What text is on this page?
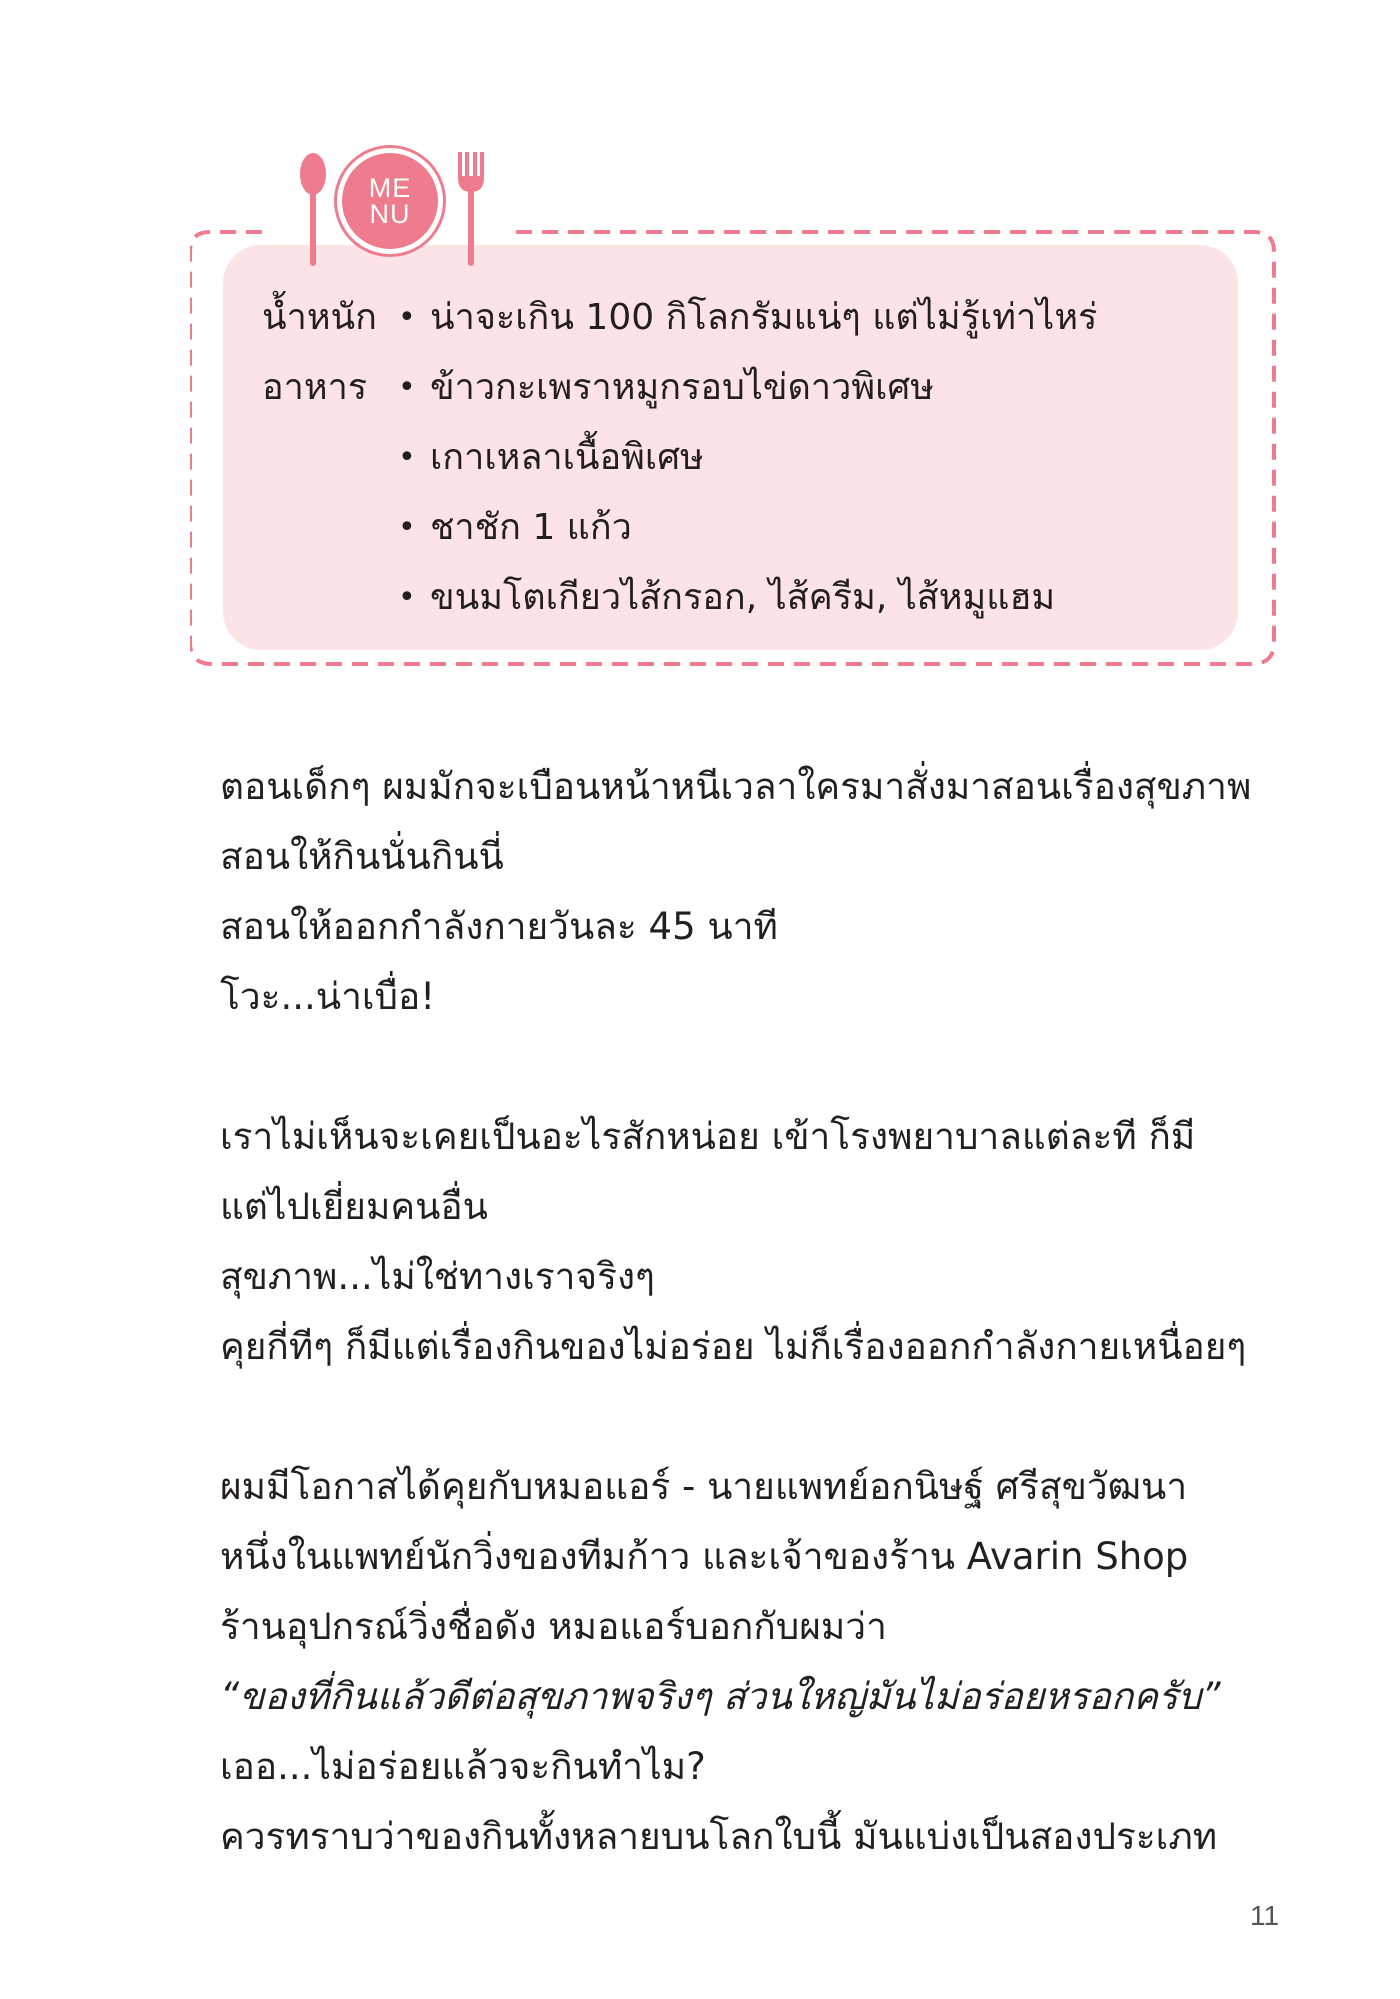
ME
NU
น้ำหนัก • น่าจะเกิน 100 กิโลกรัมแน่ๆ แต่ไม่รู้เท่าไหร่
อาหาร • ข้าวกะเพราหมูกรอบไข่ดาวพิเศษ
• เกาเหลาเนื้อพิเศษ
• ชาชัก 1 แก้ว
• ขนมโตเกียวไส้กรอก, ไส้ครีม, ไส้หมูแฮม

ตอนเด็กๆ ผมมักจะเบือนหน้าหนีเวลาใครมาสั่งมาสอนเรื่องสุขภาพ

สอนให้กินนั่นกินนี่

สอนให้ออกกำลังกายวันละ 45 นาที

โวะ...น่าเบื่อ!

เราไม่เห็นจะเคยเป็นอะไรสักหน่อย เข้าโรงพยาบาลแต่ละที ก็มี

แต่ไปเยี่ยมคนอื่น

สุขภาพ...ไม่ใช่ทางเราจริงๆ

คุยกี่ทีๆ ก็มีแต่เรื่องกินของไม่อร่อย ไม่ก็เรื่องออกกำลังกายเหนื่อยๆ

ผมมีโอกาสได้คุยกับหมอแอร์ - นายแพทย์อกนิษฐ์ ศรีสุขวัฒนา

หนึ่งในแพทย์นักวิ่งของทีมก้าว และเจ้าของร้าน Avarin Shop

ร้านอุปกรณ์วิ่งชื่อดัง หมอแอร์บอกกับผมว่า

“ของที่กินแล้วดีต่อสุขภาพจริงๆ ส่วนใหญ่มันไม่อร่อยหรอกครับ”

เออ...ไม่อร่อยแล้วจะกินทำไม?

ควรทราบว่าของกินทั้งหลายบนโลกใบนี้ มันแบ่งเป็นสองประเภท

11
